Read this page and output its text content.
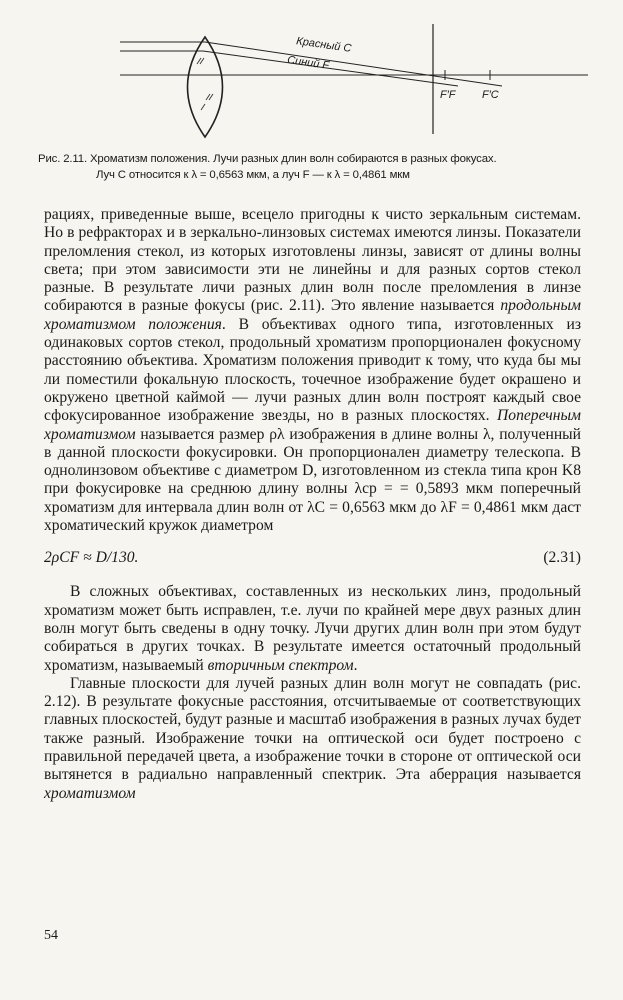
Красный C
Синий F
F′F F′C
Рис. 2.11. Хроматизм положения. Лучи разных длин волн собираются в разных фокусах.
Луч C относится к λ = 0,6563 мкм, а луч F — к λ = 0,4861 мкм

рациях, приведенные выше, всецело пригодны к чисто зеркальным системам. Но в рефракторах и в зеркально-линзовых системах имеются линзы. Показатели преломления стекол, из которых изготовлены линзы, зависят от длины волны света; при этом зависимости эти не линейны и для разных сортов стекол разные. В результате личи разных длин волн после преломления в линзе собираются в разные фокусы (рис. 2.11). Это явление называется продольным хроматизмом положения. В объективах одного типа, изготовленных из одинаковых сортов стекол, продольный хроматизм пропорционален фокусному расстоянию объектива. Хроматизм положения приводит к тому, что куда бы мы ли поместили фокальную плоскость, точечное изображение будет окрашено и окружено цветной каймой — лучи разных длин волн построят каждый свое сфокусированное изображение звезды, но в разных плоскостях. Поперечным хроматизмом называется размер ρλ изображения в длине волны λ, полученный в данной плоскости фокусировки. Он пропорционален диаметру телескопа. В однолинзовом объективе с диаметром D, изготовленном из стекла типа крон K8 при фокусировке на среднюю длину волны λср = = 0,5893 мкм поперечный хроматизм для интервала длин волн от λC = 0,6563 мкм до λF = 0,4861 мкм даст хроматический кружок диаметром

2ρCF ≈ D/130.	(2.31)

В сложных объективах, составленных из нескольких линз, продольный хроматизм может быть исправлен, т.е. лучи по крайней мере двух разных длин волн могут быть сведены в одну точку. Лучи других длин волн при этом будут собираться в других точках. В результате имеется остаточный продольный хроматизм, называемый вторичным спектром.

Главные плоскости для лучей разных длин волн могут не совпадать (рис. 2.12). В результате фокусные расстояния, отсчитываемые от соответствующих главных плоскостей, будут разные и масштаб изображения в разных лучах будет также разный. Изображение точки на оптической оси будет построено с правильной передачей цвета, а изображение точки в стороне от оптической оси вытянется в радиально направленный спектрик. Эта аберрация называется хроматизмом

54
